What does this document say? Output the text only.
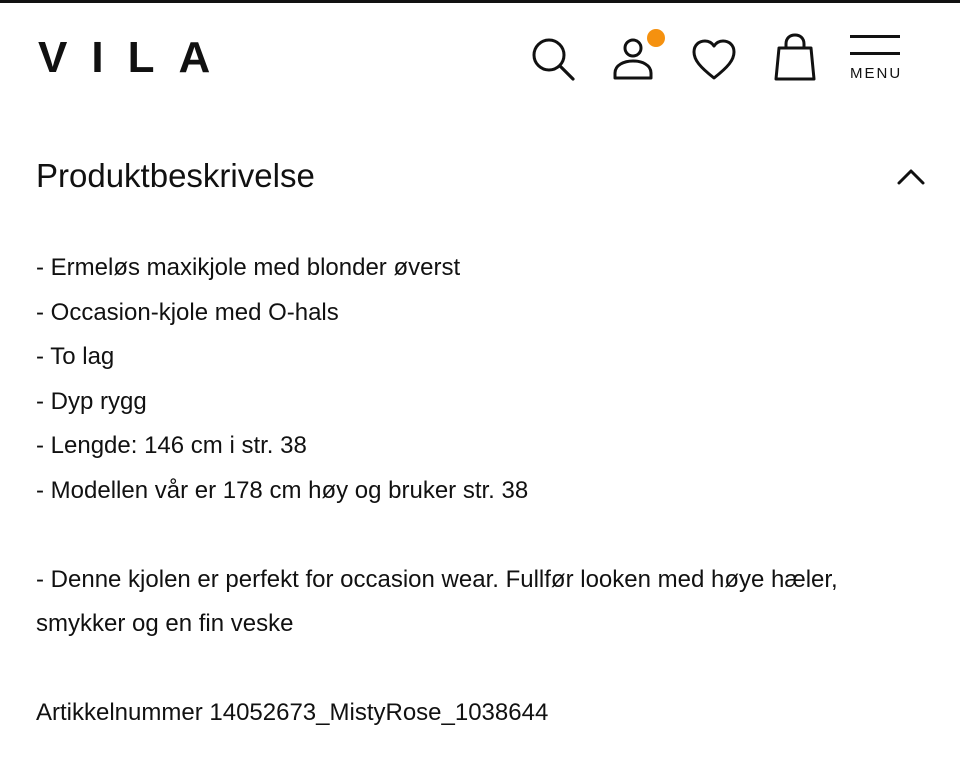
VILA	MENU
Produktbeskrivelse
- Ermeløs maxikjole med blonder øverst
- Occasion-kjole med O-hals
- To lag
- Dyp rygg
- Lengde: 146 cm i str. 38
- Modellen vår er 178 cm høy og bruker str. 38
- Denne kjolen er perfekt for occasion wear. Fullfør looken med høye hæler, smykker og en fin veske
Artikkelnummer 14052673_MistyRose_1038644
